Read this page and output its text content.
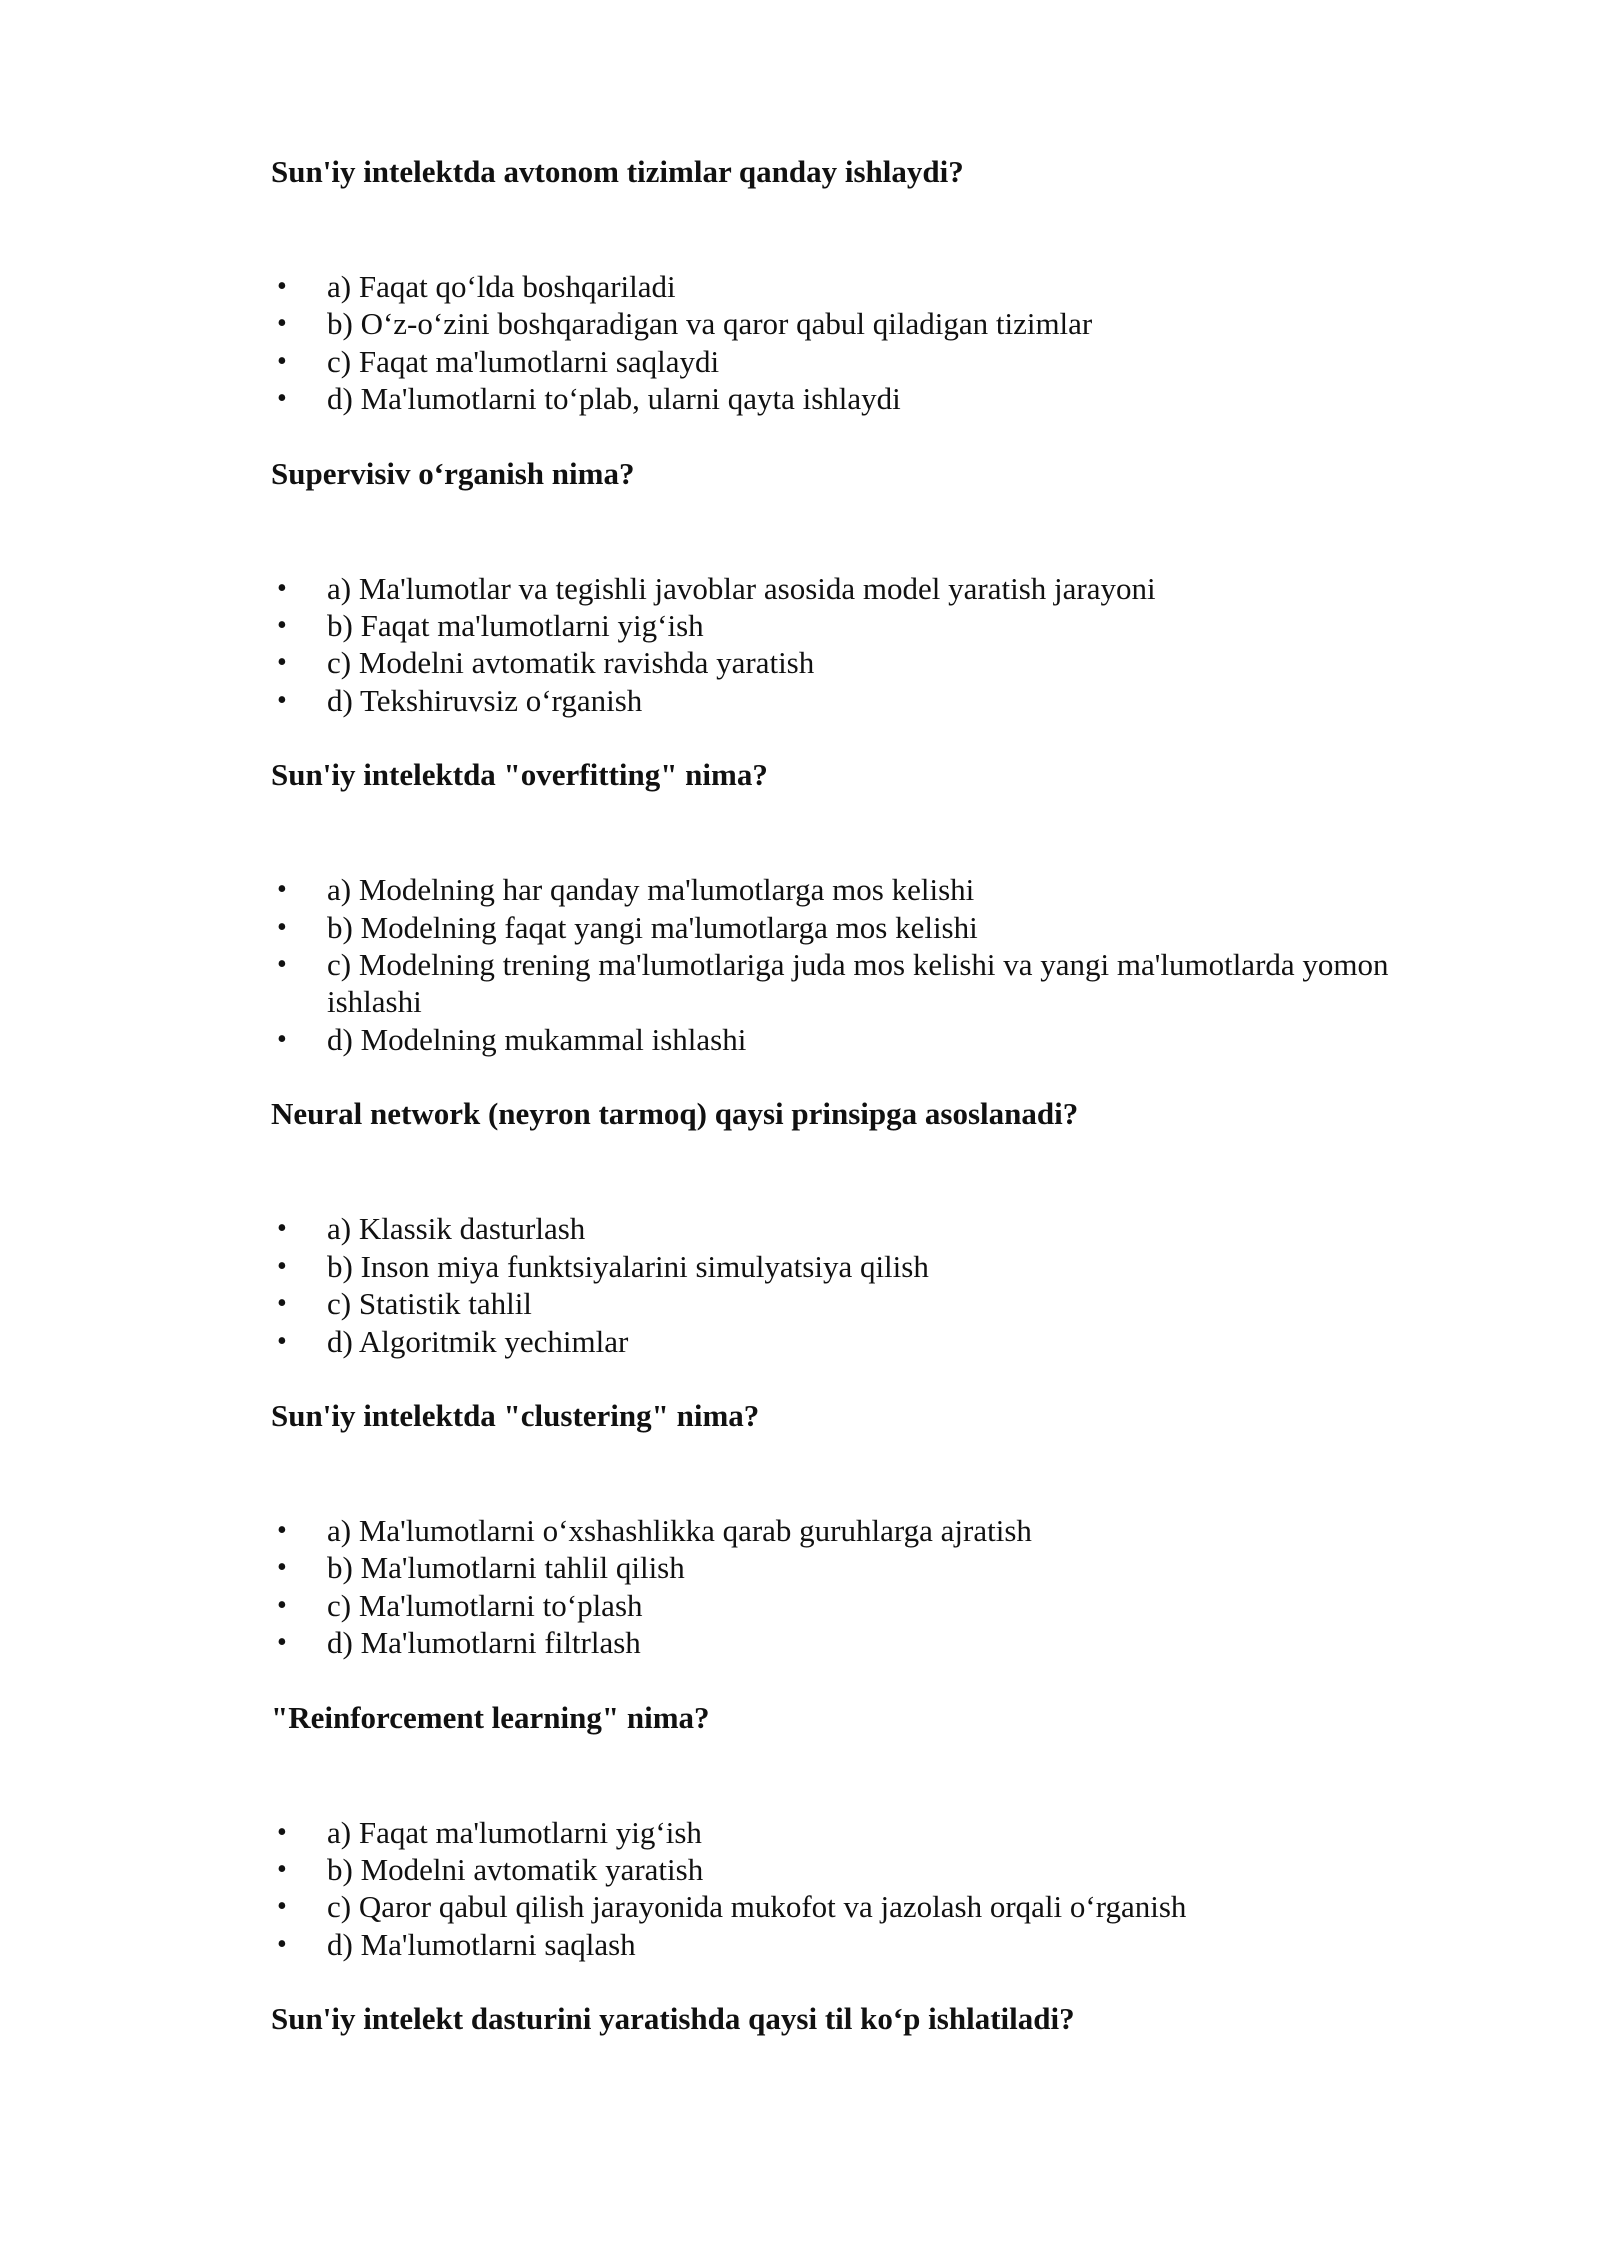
Sun'iy intelektda avtonom tizimlar qanday ishlaydi?

• a) Faqat qo‘lda boshqariladi
• b) O‘z-o‘zini boshqaradigan va qaror qabul qiladigan tizimlar
• c) Faqat ma'lumotlarni saqlaydi
• d) Ma'lumotlarni to‘plab, ularni qayta ishlaydi

Supervisiv o‘rganish nima?

• a) Ma'lumotlar va tegishli javoblar asosida model yaratish jarayoni
• b) Faqat ma'lumotlarni yig‘ish
• c) Modelni avtomatik ravishda yaratish
• d) Tekshiruvsiz o‘rganish

Sun'iy intelektda "overfitting" nima?

• a) Modelning har qanday ma'lumotlarga mos kelishi
• b) Modelning faqat yangi ma'lumotlarga mos kelishi
• c) Modelning trening ma'lumotlariga juda mos kelishi va yangi ma'lumotlarda yomon ishlashi
• d) Modelning mukammal ishlashi

Neural network (neyron tarmoq) qaysi prinsipga asoslanadi?

• a) Klassik dasturlash
• b) Inson miya funktsiyalarini simulyatsiya qilish
• c) Statistik tahlil
• d) Algoritmik yechimlar

Sun'iy intelektda "clustering" nima?

• a) Ma'lumotlarni o‘xshashlikka qarab guruhlarga ajratish
• b) Ma'lumotlarni tahlil qilish
• c) Ma'lumotlarni to‘plash
• d) Ma'lumotlarni filtrlash

"Reinforcement learning" nima?

• a) Faqat ma'lumotlarni yig‘ish
• b) Modelni avtomatik yaratish
• c) Qaror qabul qilish jarayonida mukofot va jazolash orqali o‘rganish
• d) Ma'lumotlarni saqlash

Sun'iy intelekt dasturini yaratishda qaysi til ko‘p ishlatiladi?
